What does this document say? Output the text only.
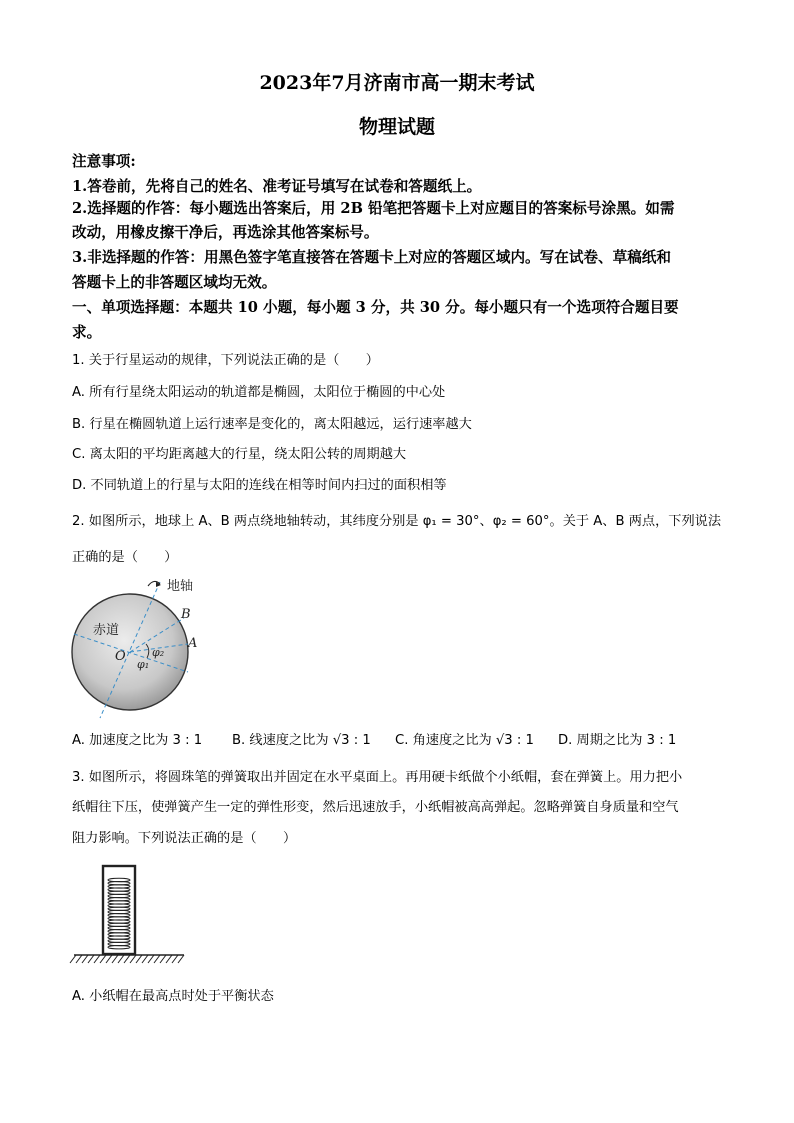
2023年7月济南市高一期末考试
物理试题
注意事项:
1.答卷前，先将自己的姓名、准考证号填写在试卷和答题纸上。
2.选择题的作答：每小题选出答案后，用 2B 铅笔把答题卡上对应题目的答案标号涂黑。如需
改动，用橡皮擦干净后，再选涂其他答案标号。
3.非选择题的作答：用黑色签字笔直接答在答题卡上对应的答题区域内。写在试卷、草稿纸和
答题卡上的非答题区域均无效。
一、单项选择题：本题共 10 小题，每小题 3 分，共 30 分。每小题只有一个选项符合题目要
求。
1. 关于行星运动的规律，下列说法正确的是（　　）
A. 所有行星绕太阳运动的轨道都是椭圆，太阳位于椭圆的中心处
B. 行星在椭圆轨道上运行速率是变化的，离太阳越远，运行速率越大
C. 离太阳的平均距离越大的行星，绕太阳公转的周期越大
D. 不同轨道上的行星与太阳的连线在相等时间内扫过的面积相等
2. 如图所示，地球上 A、B 两点绕地轴转动，其纬度分别是 φ₁ = 30°、φ₂ = 60°。关于 A、B 两点，下列说法
正确的是（　　）
地轴
赤道
B
A
O φ₂
φ₁
A. 加速度之比为 3 : 1 B. 线速度之比为 √3 : 1 C. 角速度之比为 √3 : 1 D. 周期之比为 3 : 1
3. 如图所示，将圆珠笔的弹簧取出并固定在水平桌面上。再用硬卡纸做个小纸帽，套在弹簧上。用力把小
纸帽往下压，使弹簧产生一定的弹性形变，然后迅速放手，小纸帽被高高弹起。忽略弹簧自身质量和空气
阻力影响。下列说法正确的是（　　）
A. 小纸帽在最高点时处于平衡状态
